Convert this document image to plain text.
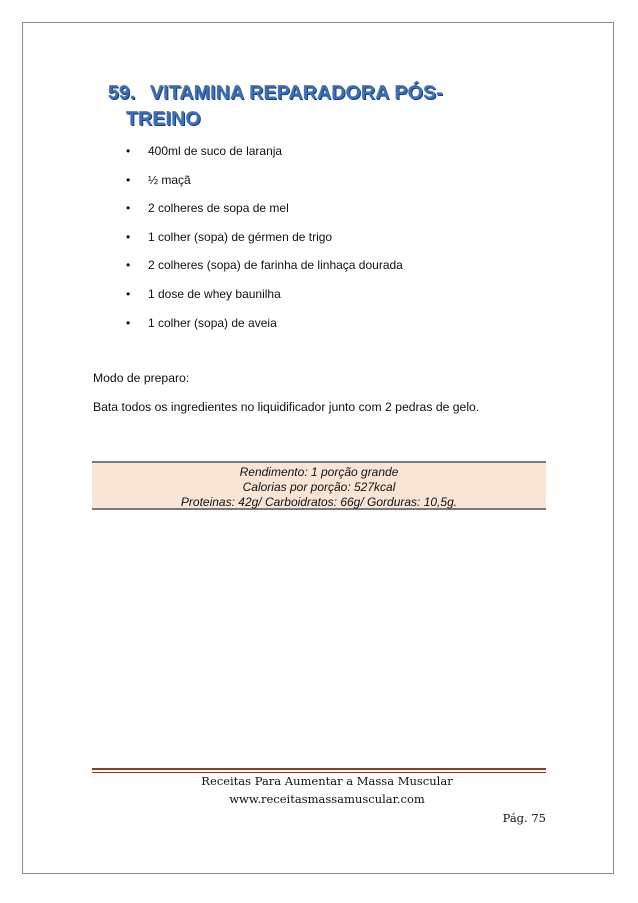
59. VITAMINA REPARADORA PÓS-
TREINO
• 400ml de suco de laranja
• ½ maçã
• 2 colheres de sopa de mel
• 1 colher (sopa) de gérmen de trigo
• 2 colheres (sopa) de farinha de linhaça dourada
• 1 dose de whey baunilha
• 1 colher (sopa) de aveia
Modo de preparo:
Bata todos os ingredientes no liquidificador junto com 2 pedras de gelo.
Rendimento: 1 porção grande
Calorias por porção: 527kcal
Proteinas: 42g/ Carboidratos: 66g/ Gorduras: 10,5g.
Receitas Para Aumentar a Massa Muscular
www.receitasmassamuscular.com
Pág. 75
